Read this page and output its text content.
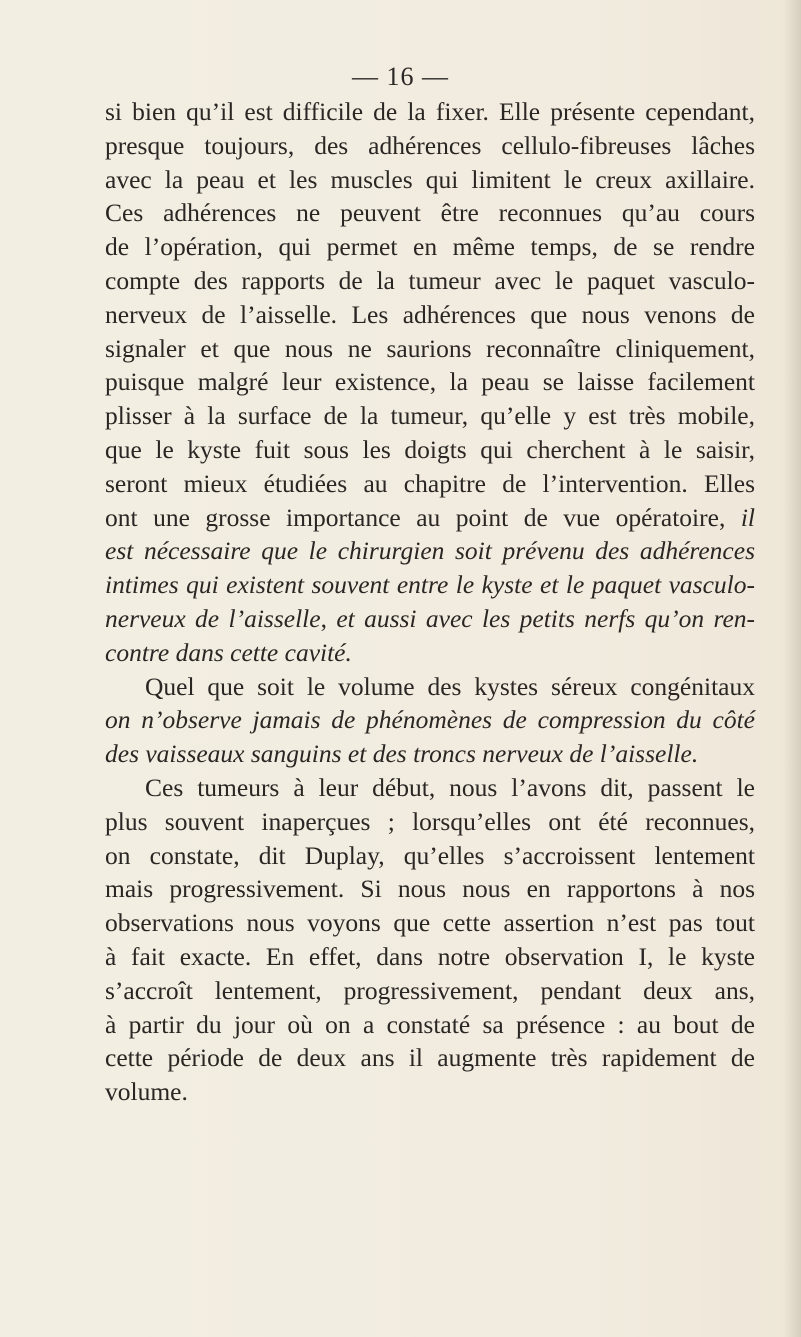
— 16 —
si bien qu’il est difficile de la fixer. Elle présente cependant,
presque toujours, des adhérences cellulo-fibreuses lâches
avec la peau et les muscles qui limitent le creux axillaire.
Ces adhérences ne peuvent être reconnues qu’au cours
de l’opération, qui permet en même temps, de se rendre
compte des rapports de la tumeur avec le paquet vasculo-
nerveux de l’aisselle. Les adhérences que nous venons de
signaler et que nous ne saurions reconnaître cliniquement,
puisque malgré leur existence, la peau se laisse facilement
plisser à la surface de la tumeur, qu’elle y est très mobile,
que le kyste fuit sous les doigts qui cherchent à le saisir,
seront mieux étudiées au chapitre de l’intervention. Elles
ont une grosse importance au point de vue opératoire, il
est nécessaire que le chirurgien soit prévenu des adhérences
intimes qui existent souvent entre le kyste et le paquet vasculo-
nerveux de l’aisselle, et aussi avec les petits nerfs qu’on ren-
contre dans cette cavité.
Quel que soit le volume des kystes séreux congénitaux
on n’observe jamais de phénomènes de compression du côté
des vaisseaux sanguins et des troncs nerveux de l’aisselle.
Ces tumeurs à leur début, nous l’avons dit, passent le
plus souvent inaperçues ; lorsqu’elles ont été reconnues,
on constate, dit Duplay, qu’elles s’accroissent lentement
mais progressivement. Si nous nous en rapportons à nos
observations nous voyons que cette assertion n’est pas tout
à fait exacte. En effet, dans notre observation I, le kyste
s’accroît lentement, progressivement, pendant deux ans,
à partir du jour où on a constaté sa présence : au bout de
cette période de deux ans il augmente très rapidement de
volume.
